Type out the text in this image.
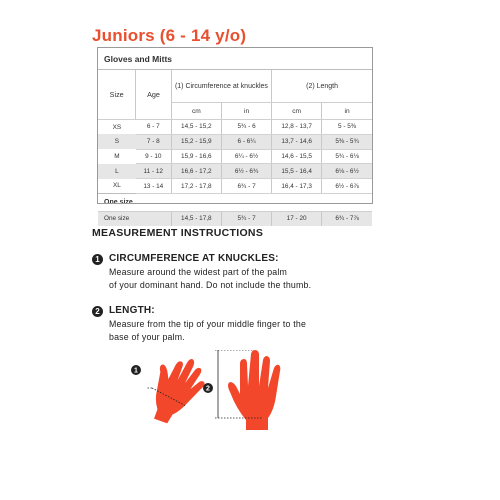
Juniors (6 - 14 y/o)
Gloves and Mitts					
Size	Age	(1) Circumference at knuckles		(2) Length	
		cm	in	cm	in
XS	6 - 7	14,5 - 15,2	5¾ - 6	12,8 - 13,7	5 - 5⅜
S	7 - 8	15,2 - 15,9	6 - 6¼	13,7 - 14,6	5⅜ - 5¾
M	9 - 10	15,9 - 16,6	6¼ - 6½	14,6 - 15,5	5¾ - 6⅛
L	11 - 12	16,6 - 17,2	6½ - 6¾	15,5 - 16,4	6⅛ - 6½
XL	13 - 14	17,2 - 17,8	6¾ - 7	16,4 - 17,3	6½ - 6⅞
One size					
One size		14,5 - 17,8	5¾ - 7	17 - 20	6¾ - 7⅞
MEASUREMENT INSTRUCTIONS
1 CIRCUMFERENCE AT KNUCKLES:
Measure around the widest part of the palm
of your dominant hand. Do not include the thumb.
2 LENGTH:
Measure from the tip of your middle finger to the
base of your palm.
1
2
